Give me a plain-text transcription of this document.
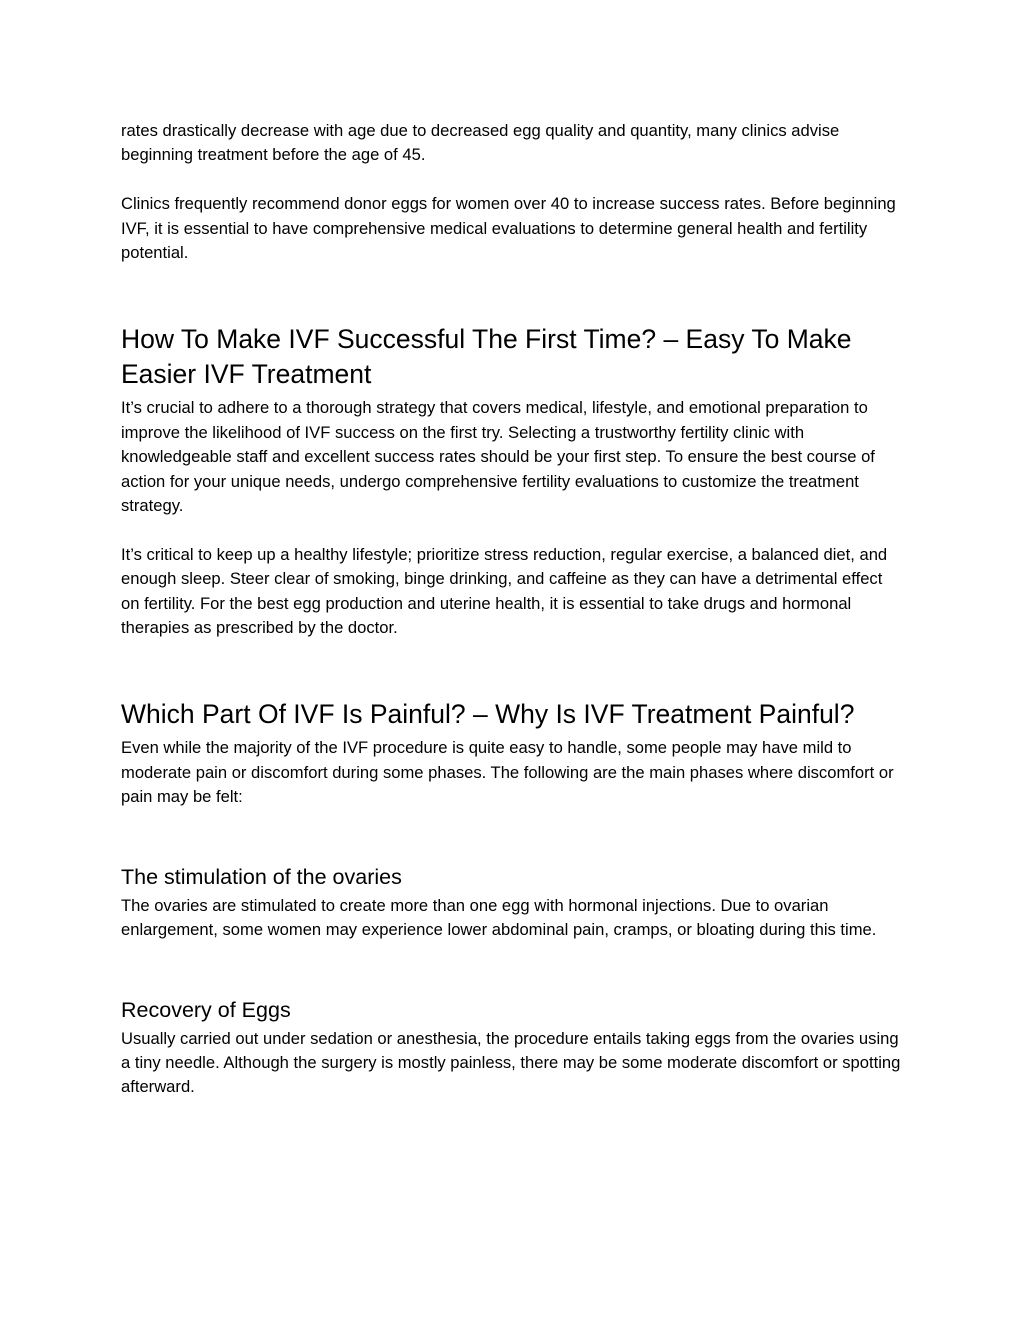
rates drastically decrease with age due to decreased egg quality and quantity, many clinics advise beginning treatment before the age of 45.

Clinics frequently recommend donor eggs for women over 40 to increase success rates. Before beginning IVF, it is essential to have comprehensive medical evaluations to determine general health and fertility potential.

How To Make IVF Successful The First Time? – Easy To Make Easier IVF Treatment

It’s crucial to adhere to a thorough strategy that covers medical, lifestyle, and emotional preparation to improve the likelihood of IVF success on the first try. Selecting a trustworthy fertility clinic with knowledgeable staff and excellent success rates should be your first step. To ensure the best course of action for your unique needs, undergo comprehensive fertility evaluations to customize the treatment strategy.

It’s critical to keep up a healthy lifestyle; prioritize stress reduction, regular exercise, a balanced diet, and enough sleep. Steer clear of smoking, binge drinking, and caffeine as they can have a detrimental effect on fertility. For the best egg production and uterine health, it is essential to take drugs and hormonal therapies as prescribed by the doctor.

Which Part Of IVF Is Painful? – Why Is IVF Treatment Painful?

Even while the majority of the IVF procedure is quite easy to handle, some people may have mild to moderate pain or discomfort during some phases. The following are the main phases where discomfort or pain may be felt:

The stimulation of the ovaries

The ovaries are stimulated to create more than one egg with hormonal injections. Due to ovarian enlargement, some women may experience lower abdominal pain, cramps, or bloating during this time.

Recovery of Eggs

Usually carried out under sedation or anesthesia, the procedure entails taking eggs from the ovaries using a tiny needle. Although the surgery is mostly painless, there may be some moderate discomfort or spotting afterward.
